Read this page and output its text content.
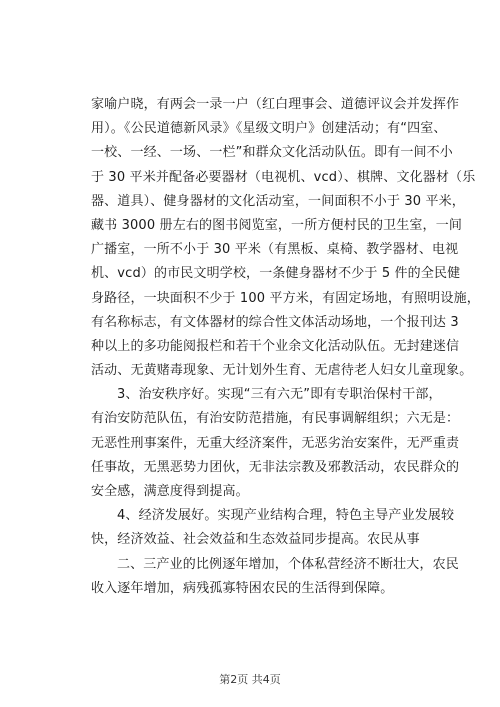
家喻户晓，有两会一录一户（红白理事会、道德评议会并发挥作
用）。《公民道德新风录》《星级文明户》创建活动；有“四室、
一校、一经、一场、一栏”和群众文化活动队伍。即有一间不小
于 30 平米并配备必要器材（电视机、vcd）、棋牌、文化器材（乐
器、道具）、健身器材的文化活动室，一间面积不小于 30 平米，
藏书 3000 册左右的图书阅览室，一所方便村民的卫生室，一间
广播室，一所不小于 30 平米（有黑板、桌椅、教学器材、电视
机、vcd）的市民文明学校，一条健身器材不少于 5 件的全民健
身路径，一块面积不少于 100 平方米，有固定场地，有照明设施，
有名称标志，有文体器材的综合性文体活动场地，一个报刊达 3
种以上的多功能阅报栏和若干个业余文化活动队伍。无封建迷信
活动、无黄赌毒现象、无计划外生育、无虐待老人妇女儿童现象。
3、治安秩序好。实现“三有六无”即有专职治保村干部，
有治安防范队伍，有治安防范措施，有民事调解组织；六无是：
无恶性刑事案件，无重大经济案件，无恶劣治安案件，无严重责
任事故，无黑恶势力团伙，无非法宗教及邪教活动，农民群众的
安全感，满意度得到提高。
4、经济发展好。实现产业结构合理，特色主导产业发展较
快，经济效益、社会效益和生态效益同步提高。农民从事
二、三产业的比例逐年增加，个体私营经济不断壮大，农民
收入逐年增加，病残孤寡特困农民的生活得到保障。
第2页 共4页
